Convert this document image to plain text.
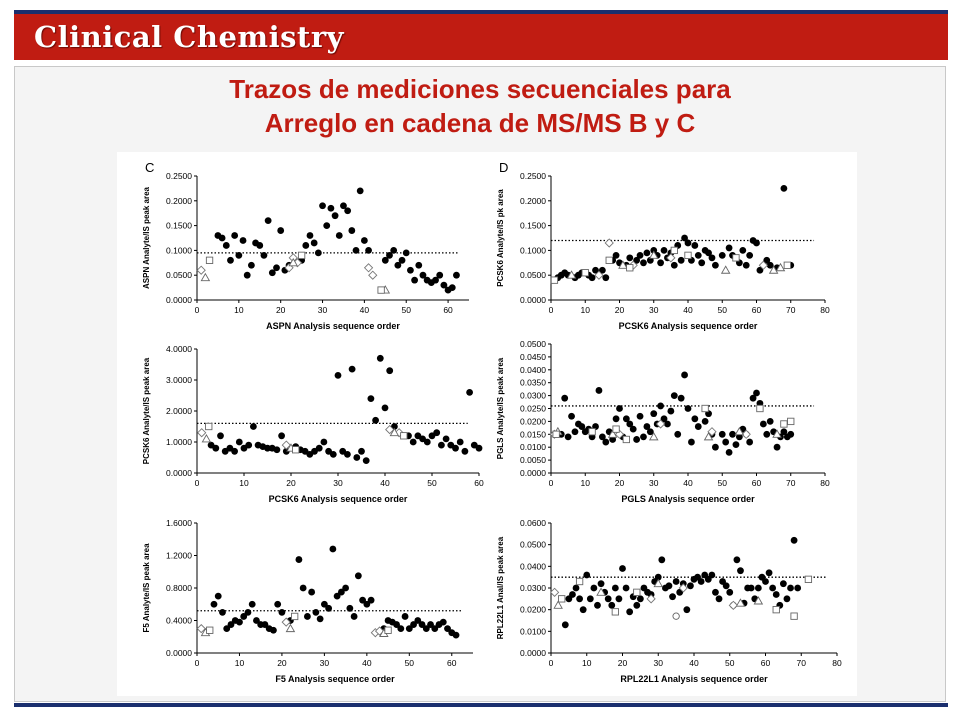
Clinical Chemistry
Trazos de mediciones secuenciales para
Arreglo en cadena de MS/MS B y C
0.0000
0.0500
0.1000
0.1500
0.2000
0.2500
0	10	20	30	40	50	60
ASPN Analysis sequence order
ASPN Analyte/IS peak area
C
0.0000
0.0500
0.1000
0.1500
0.2000
0.2500
0	10	20	30	40	50	60	70	80
PCSK6 Analysis sequence order
PCSK6 Analyte/IS pk area
D
0.0000
1.0000
2.0000
3.0000
4.0000
0	10	20	30	40	50	60
PCSK6 Analysis sequence order
PCSK6 Analyte/IS peak area
0.0000
0.0050
0.0100
0.0150
0.0200
0.0250
0.0300
0.0350
0.0400
0.0450
0.0500
0	10	20	30	40	50	60	70	80
PGLS Analysis sequence order
PGLS Analyte/IS peak area
0.0000
0.4000
0.8000
1.2000
1.6000
0	10	20	30	40	50	60
F5 Analysis sequence order
F5 Analyte/IS peak area
0.0000
0.0100
0.0200
0.0300
0.0400
0.0500
0.0600
0	10	20	30	40	50	60	70	80
RPL22L1 Analysis sequence order
RPL22L1 Anal/IS peak area
